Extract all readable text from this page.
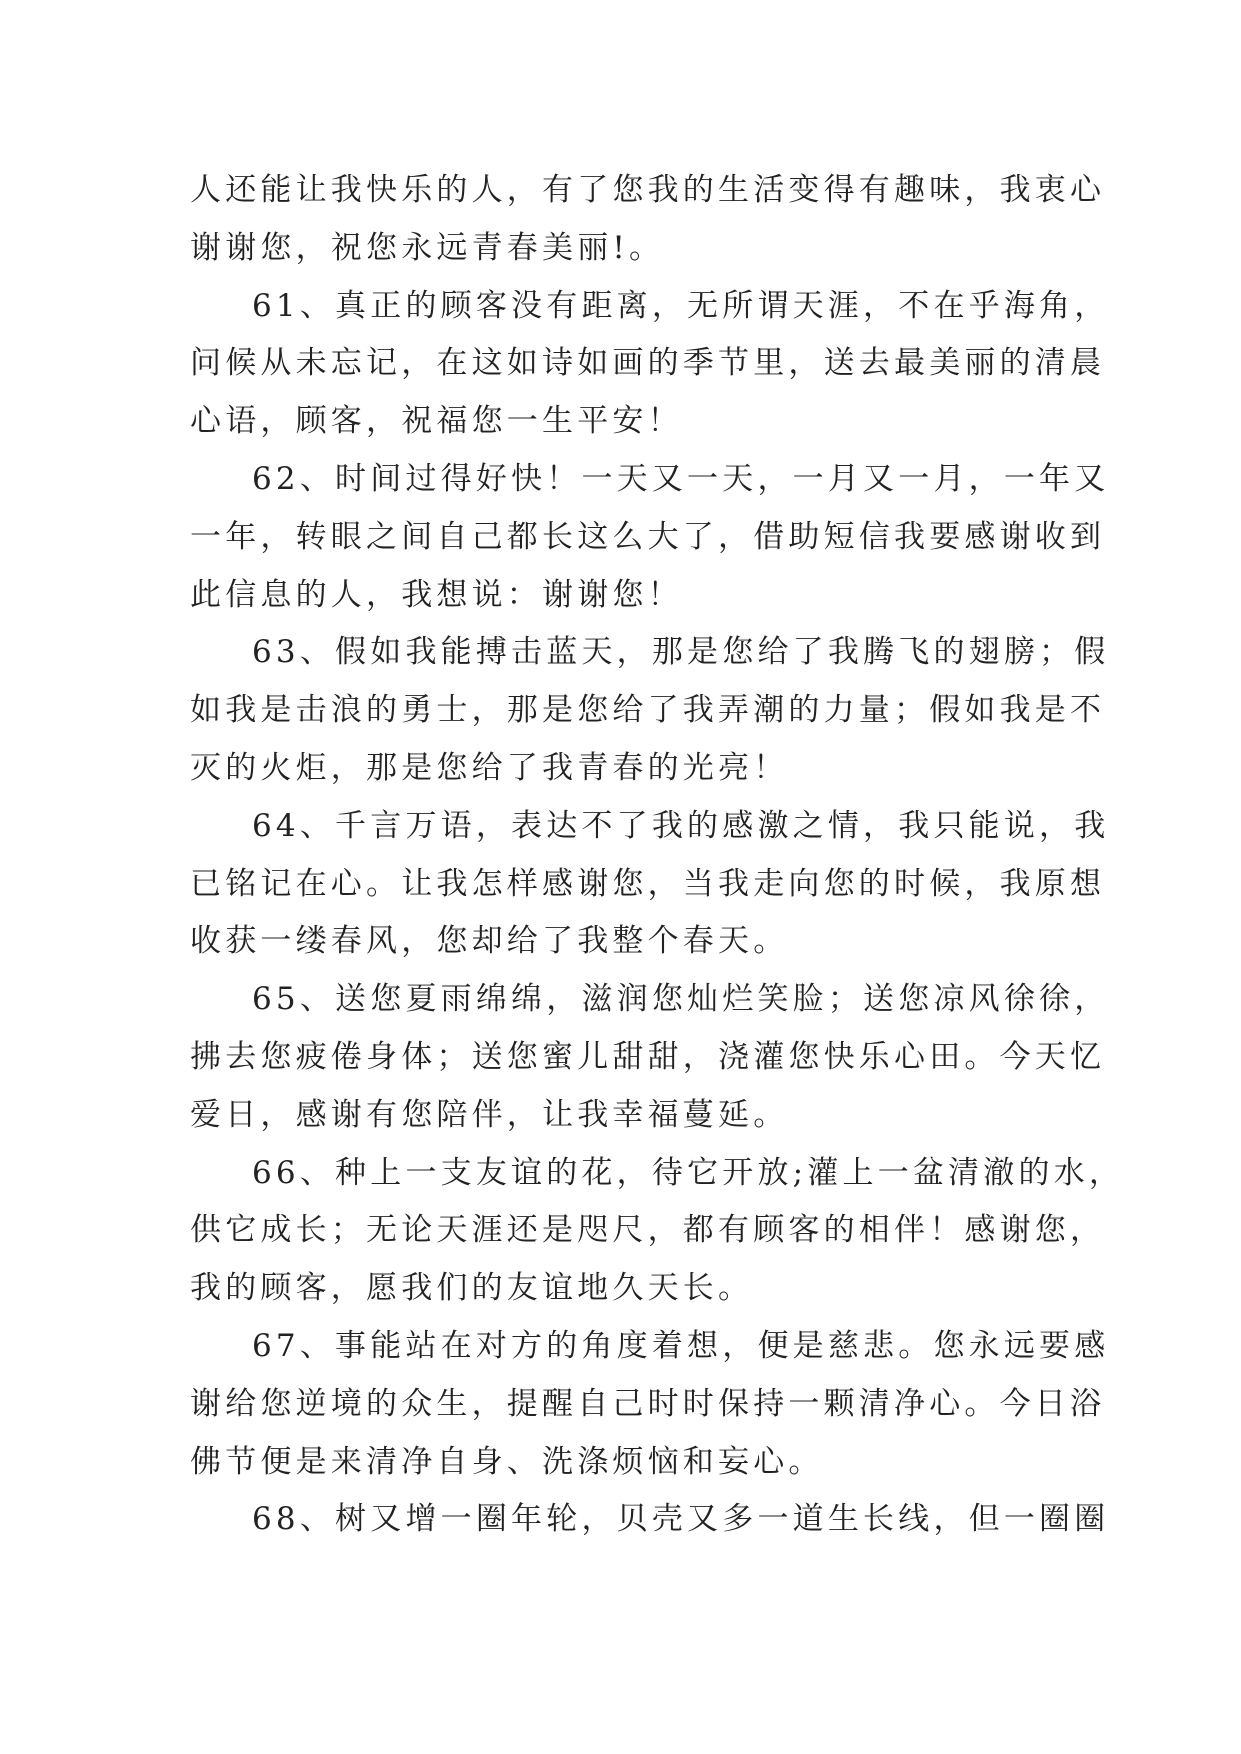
人还能让我快乐的人，有了您我的生活变得有趣味，我衷心
谢谢您，祝您永远青春美丽!。
61、真正的顾客没有距离，无所谓天涯，不在乎海角，
问候从未忘记，在这如诗如画的季节里，送去最美丽的清晨
心语，顾客，祝福您一生平安！
62、时间过得好快！一天又一天，一月又一月，一年又
一年，转眼之间自己都长这么大了，借助短信我要感谢收到
此信息的人，我想说：谢谢您！
63、假如我能搏击蓝天，那是您给了我腾飞的翅膀；假
如我是击浪的勇士，那是您给了我弄潮的力量；假如我是不
灭的火炬，那是您给了我青春的光亮！
64、千言万语，表达不了我的感激之情，我只能说，我
已铭记在心。让我怎样感谢您，当我走向您的时候，我原想
收获一缕春风，您却给了我整个春天。
65、送您夏雨绵绵，滋润您灿烂笑脸；送您凉风徐徐，
拂去您疲倦身体；送您蜜儿甜甜，浇灌您快乐心田。今天忆
爱日，感谢有您陪伴，让我幸福蔓延。
66、种上一支友谊的花，待它开放;灌上一盆清澈的水，
供它成长；无论天涯还是咫尺，都有顾客的相伴！感谢您，
我的顾客，愿我们的友谊地久天长。
67、事能站在对方的角度着想，便是慈悲。您永远要感
谢给您逆境的众生，提醒自己时时保持一颗清净心。今日浴
佛节便是来清净自身、洗涤烦恼和妄心。
68、树又增一圈年轮，贝壳又多一道生长线，但一圈圈
